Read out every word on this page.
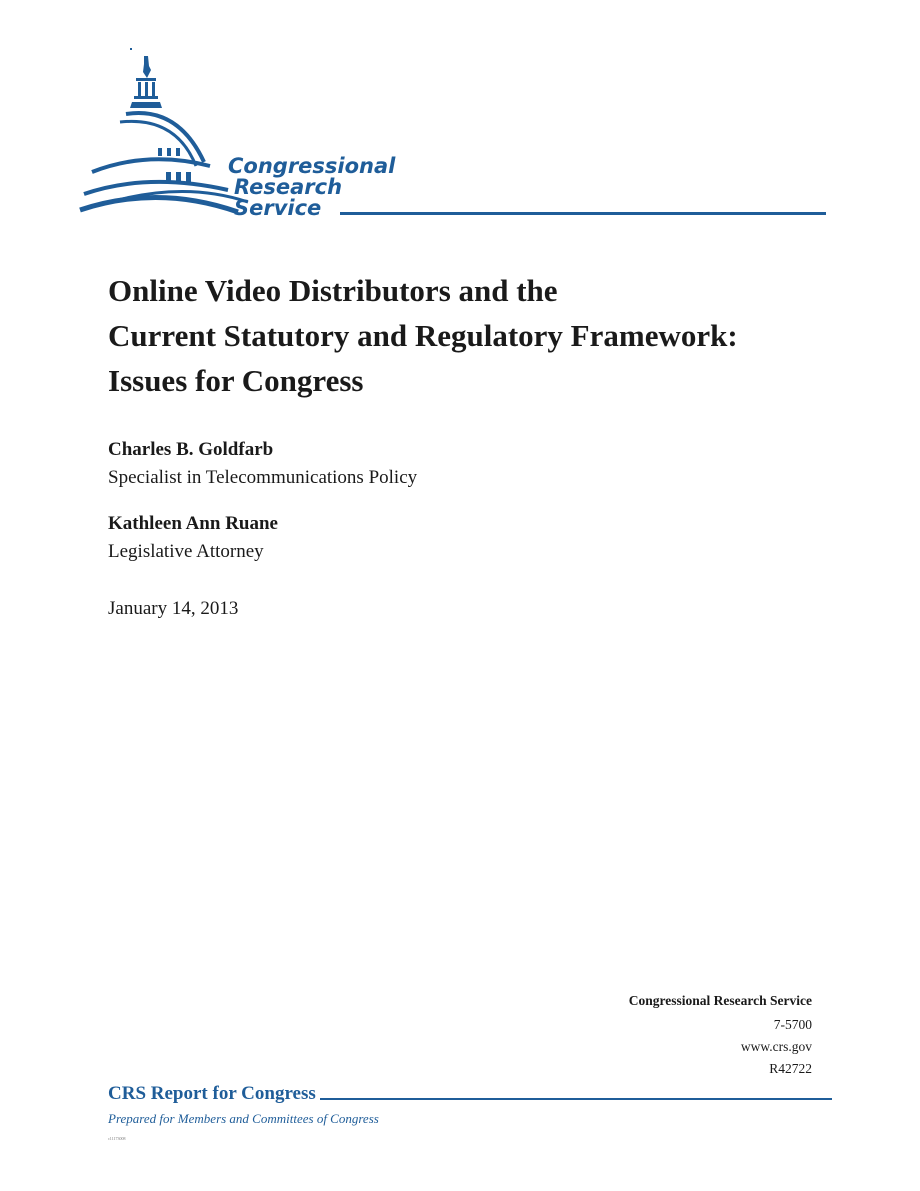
Congressional
Research
Service
Online Video Distributors and the
Current Statutory and Regulatory Framework:
Issues for Congress
Charles B. Goldfarb
Specialist in Telecommunications Policy
Kathleen Ann Ruane
Legislative Attorney
January 14, 2013
Congressional Research Service
7-5700
www.crs.gov
R42722
CRS Report for Congress
Prepared for Members and Committees of Congress
c11173008
